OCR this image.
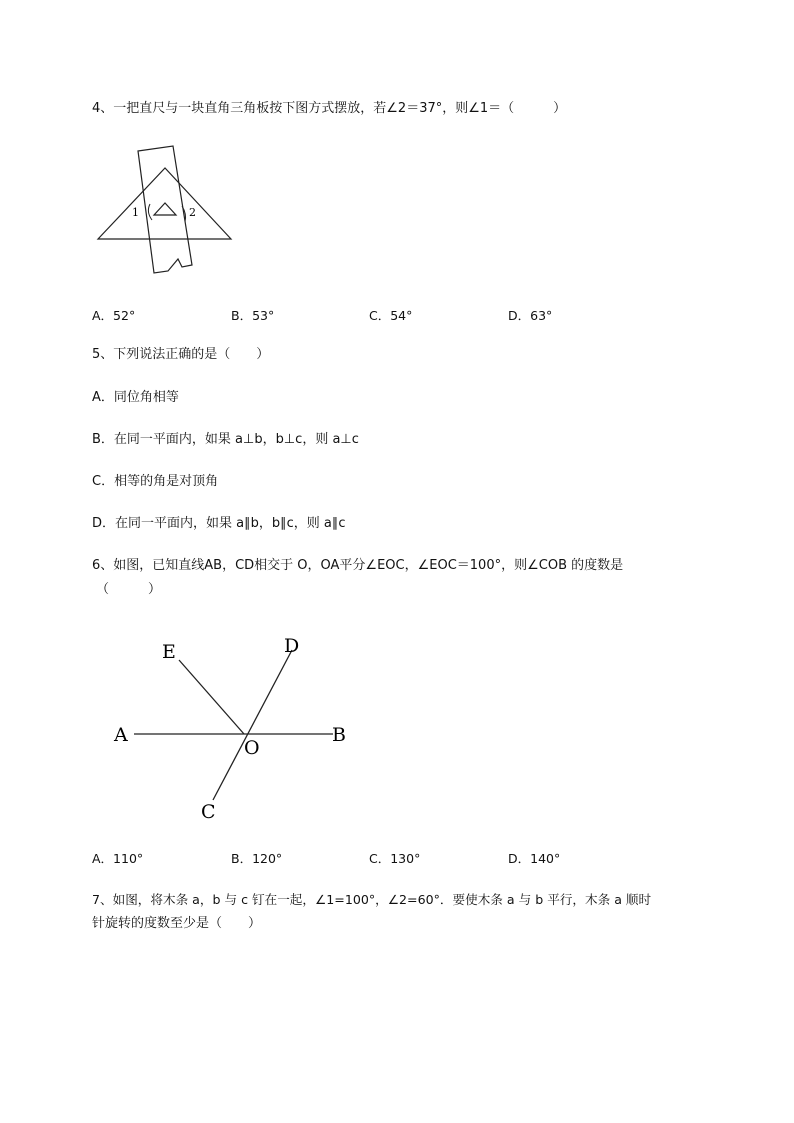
4、一把直尺与一块直角三角板按下图方式摆放，若∠2＝37°，则∠1＝（　　　）
1	2
A．52°	B．53°	C．54°	D．63°
5、下列说法正确的是（　　）
A．同位角相等
B．在同一平面内，如果 a⊥b，b⊥c，则 a⊥c
C．相等的角是对顶角
D．在同一平面内，如果 a∥b，b∥c，则 a∥c
6、如图，已知直线AB，CD相交于 O，OA平分∠EOC，∠EOC＝100°，则∠COB 的度数是
（　　　）
A	B
C
D
E
O
A．110°	B．120°	C．130°	D．140°
7、如图，将木条 a，b 与 c 钉在一起，∠1=100°，∠2=60°．要使木条 a 与 b 平行，木条 a 顺时
针旋转的度数至少是（　　）
